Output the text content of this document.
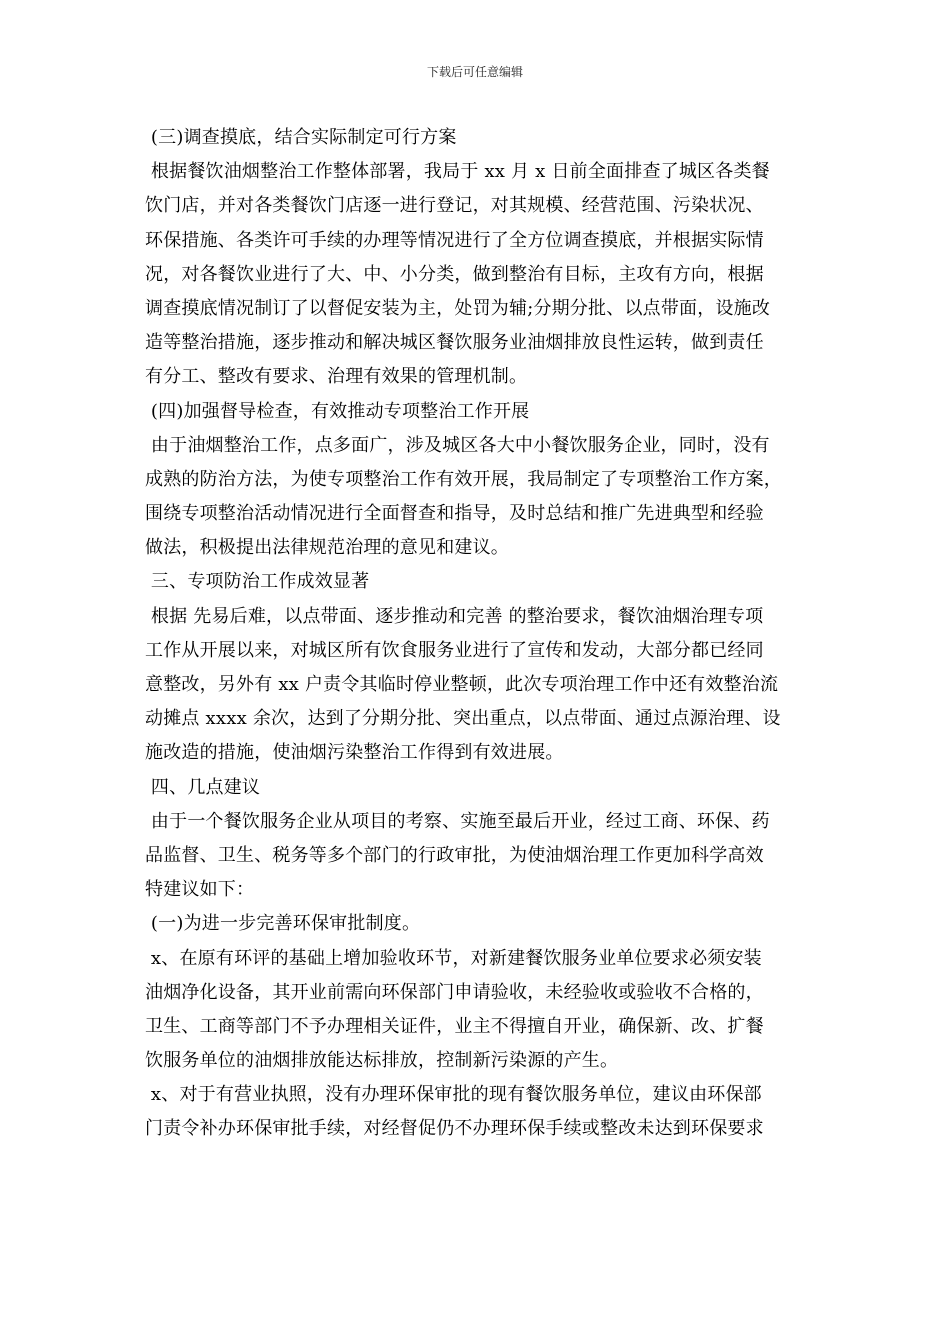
下载后可任意编辑
(三)调查摸底，结合实际制定可行方案
根据餐饮油烟整治工作整体部署，我局于 xx 月 x 日前全面排查了城区各类餐
饮门店，并对各类餐饮门店逐一进行登记，对其规模、经营范围、污染状况、
环保措施、各类许可手续的办理等情况进行了全方位调查摸底，并根据实际情
况，对各餐饮业进行了大、中、小分类，做到整治有目标，主攻有方向，根据
调查摸底情况制订了以督促安装为主，处罚为辅;分期分批、以点带面，设施改
造等整治措施，逐步推动和解决城区餐饮服务业油烟排放良性运转，做到责任
有分工、整改有要求、治理有效果的管理机制。
(四)加强督导检查，有效推动专项整治工作开展
由于油烟整治工作，点多面广，涉及城区各大中小餐饮服务企业，同时，没有
成熟的防治方法，为使专项整治工作有效开展，我局制定了专项整治工作方案，
围绕专项整治活动情况进行全面督查和指导，及时总结和推广先进典型和经验
做法，积极提出法律规范治理的意见和建议。
三、专项防治工作成效显著
根据 先易后难，以点带面、逐步推动和完善 的整治要求，餐饮油烟治理专项
工作从开展以来，对城区所有饮食服务业进行了宣传和发动，大部分都已经同
意整改，另外有 xx 户责令其临时停业整顿，此次专项治理工作中还有效整治流
动摊点 xxxx 余次，达到了分期分批、突出重点，以点带面、通过点源治理、设
施改造的措施，使油烟污染整治工作得到有效进展。
四、几点建议
由于一个餐饮服务企业从项目的考察、实施至最后开业，经过工商、环保、药
品监督、卫生、税务等多个部门的行政审批，为使油烟治理工作更加科学高效
特建议如下：
(一)为进一步完善环保审批制度。
x、在原有环评的基础上增加验收环节，对新建餐饮服务业单位要求必须安装
油烟净化设备，其开业前需向环保部门申请验收，未经验收或验收不合格的，
卫生、工商等部门不予办理相关证件，业主不得擅自开业，确保新、改、扩餐
饮服务单位的油烟排放能达标排放，控制新污染源的产生。
x、对于有营业执照，没有办理环保审批的现有餐饮服务单位，建议由环保部
门责令补办环保审批手续，对经督促仍不办理环保手续或整改未达到环保要求
